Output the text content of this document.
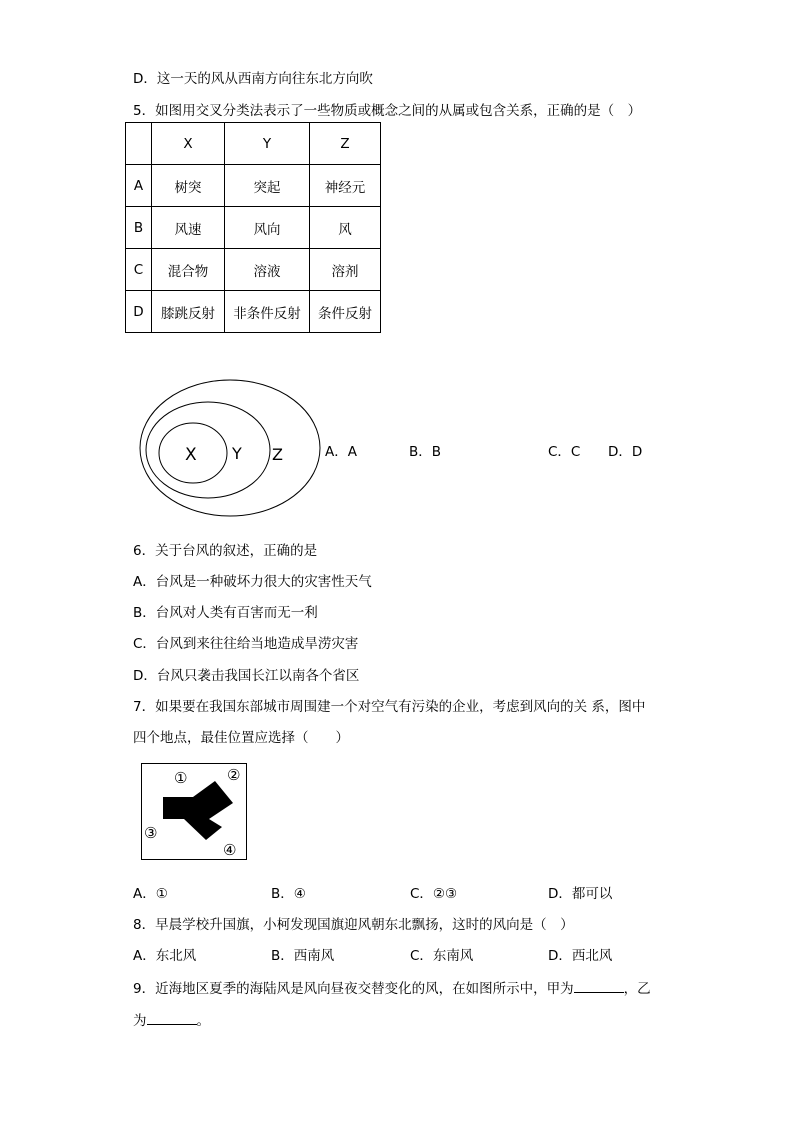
D．这一天的风从西南方向往东北方向吹
5．如图用交叉分类法表示了一些物质或概念之间的从属或包含关系，正确的是（　）
	X	Y	Z
A	树突	突起	神经元
B	风速	风向	风
C	混合物	溶液	溶剂
D	膝跳反射	非条件反射	条件反射
X Y Z	A．A	B．B	C．C D．D
6．关于台风的叙述，正确的是
A．台风是一种破坏力很大的灾害性天气
B．台风对人类有百害而无一利
C．台风到来往往给当地造成旱涝灾害
D．台风只袭击我国长江以南各个省区
7．如果要在我国东部城市周围建一个对空气有污染的企业，考虑到风向的关 系，图中
四个地点，最佳位置应选择（　　）
①	②
③
④
A．①	B．④	C．②③	D．都可以
8．早晨学校升国旗，小柯发现国旗迎风朝东北飘扬，这时的风向是（　）
A．东北风	B．西南风	C．东南风	D．西北风
9．近海地区夏季的海陆风是风向昼夜交替变化的风，在如图所示中，甲为	，乙
为	。
